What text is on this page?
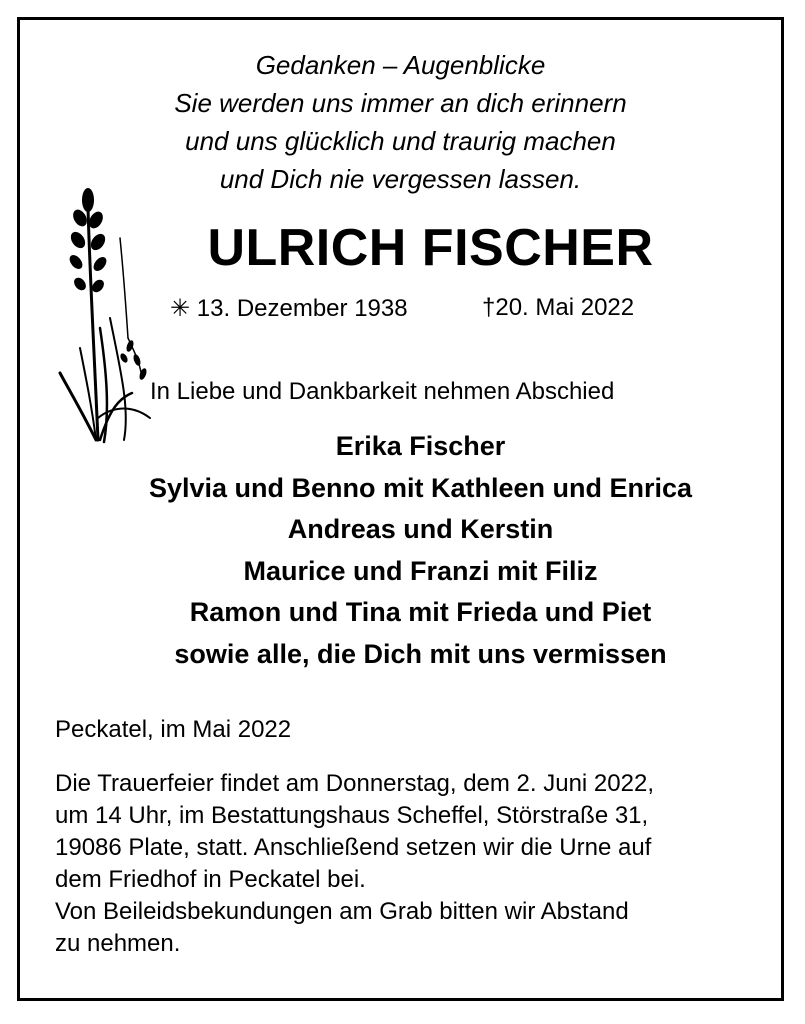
Gedanken – Augenblicke
Sie werden uns immer an dich erinnern
und uns glücklich und traurig machen
und Dich nie vergessen lassen.
ULRICH FISCHER
✳ 13. Dezember 1938	†20. Mai 2022
In Liebe und Dankbarkeit nehmen Abschied
Erika Fischer
Sylvia und Benno mit Kathleen und Enrica
Andreas und Kerstin
Maurice und Franzi mit Filiz
Ramon und Tina mit Frieda und Piet
sowie alle, die Dich mit uns vermissen
Peckatel, im Mai 2022
Die Trauerfeier findet am Donnerstag, dem 2. Juni 2022,
um 14 Uhr, im Bestattungshaus Scheffel, Störstraße 31,
19086 Plate, statt. Anschließend setzen wir die Urne auf
dem Friedhof in Peckatel bei.
Von Beileidsbekundungen am Grab bitten wir Abstand
zu nehmen.
